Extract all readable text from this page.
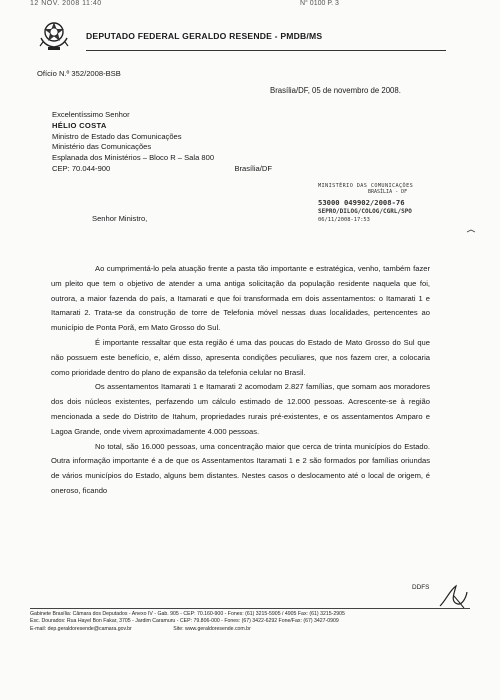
12 NOV. 2008 11:40	N° 0100 P. 3
DEPUTADO FEDERAL GERALDO RESENDE - PMDB/MS
Ofício N.º 352/2008-BSB
Brasília/DF, 05 de novembro de 2008.
Excelentíssimo Senhor
HÉLIO COSTA
Ministro de Estado das Comunicações
Ministério das Comunicações
Esplanada dos Ministérios – Bloco R – Sala 800
CEP: 70.044-900	Brasília/DF
MINISTÉRIO DAS COMUNICAÇÕES
BRASÍLIA - DF
53000 049902/2008-76
SEPRO/DILOG/COLOG/CGRL/SPO
06/11/2008-17:53
Senhor Ministro,

Ao cumprimentá-lo pela atuação frente a pasta tão importante e estratégica, venho, também fazer um pleito que tem o objetivo de atender a uma antiga solicitação da população residente naquela que foi, outrora, a maior fazenda do país, a Itamarati e que foi transformada em dois assentamentos: o Itamarati 1 e Itamarati 2. Trata-se da construção de torre de Telefonia móvel nessas duas localidades, pertencentes ao município de Ponta Porã, em Mato Grosso do Sul.

É importante ressaltar que esta região é uma das poucas do Estado de Mato Grosso do Sul que não possuem este benefício, e, além disso, apresenta condições peculiares, que nos fazem crer, a colocaria como prioridade dentro do plano de expansão da telefonia celular no Brasil.

Os assentamentos Itamarati 1 e Itamarati 2 acomodam 2.827 famílias, que somam aos moradores dos dois núcleos existentes, perfazendo um cálculo estimado de 12.000 pessoas. Acrescente-se à região mencionada a sede do Distrito de Itahum, propriedades rurais pré-existentes, e os assentamentos Amparo e Lagoa Grande, onde vivem aproximadamente 4.000 pessoas.

No total, são 16.000 pessoas, uma concentração maior que cerca de trinta municípios do Estado. Outra informação importante é a de que os Assentamentos Itaramati 1 e 2 são formados por famílias oriundas de vários municípios do Estado, alguns bem distantes. Nestes casos o deslocamento até o local de origem, é oneroso, ficando

DDFS
Gabinete Brasília: Câmara dos Deputados - Anexo IV - Gab. 905 - CEP: 70.160-900 - Fones: (61) 3215-5905 / 4905 Fax: (61) 3215-2905
Esc. Dourados: Rua Hayel Bon Fakar, 3705 - Jardim Caramuru - CEP: 79.806-000 - Fones: (67) 3422-6292 Fone/Fax: (67) 3427-0909
E-mail: dep.geraldoresende@camara.gov.br	Site: www.geraldoresende.com.br
